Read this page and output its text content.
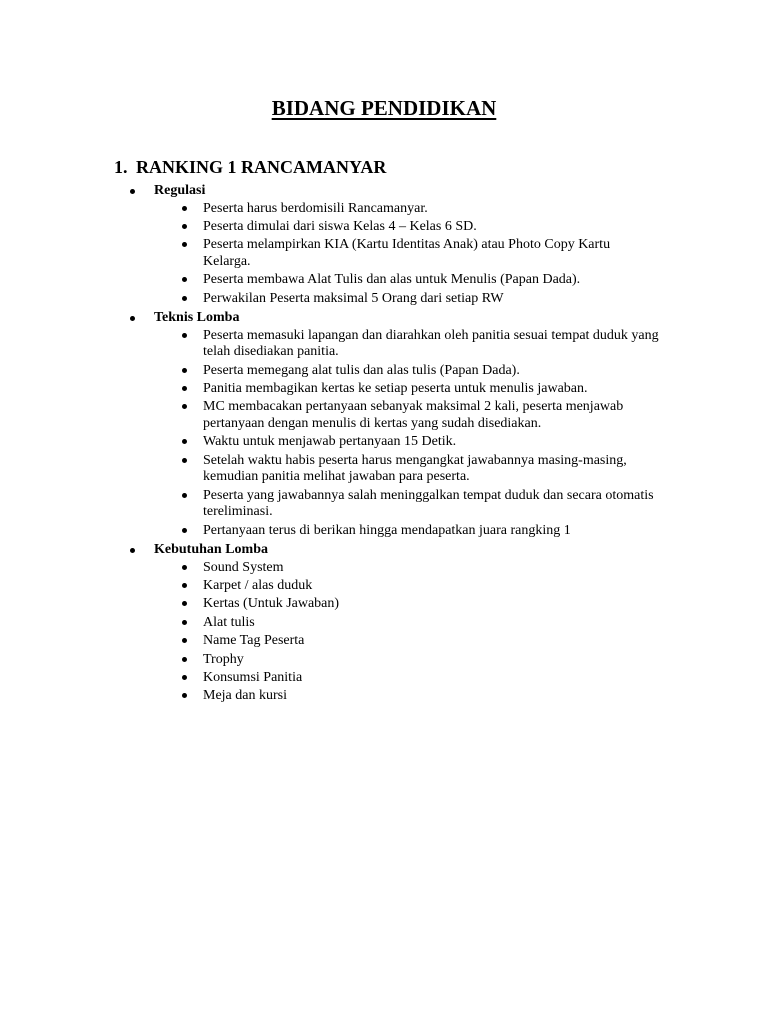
BIDANG PENDIDIKAN
1. RANKING 1 RANCAMANYAR
Regulasi
Peserta harus berdomisili Rancamanyar.
Peserta dimulai dari siswa Kelas 4 – Kelas 6 SD.
Peserta melampirkan KIA (Kartu Identitas Anak) atau Photo Copy Kartu Kelarga.
Peserta membawa Alat Tulis dan alas untuk Menulis (Papan Dada).
Perwakilan Peserta maksimal 5 Orang dari setiap RW
Teknis Lomba
Peserta memasuki lapangan dan diarahkan oleh panitia sesuai tempat duduk yang telah disediakan panitia.
Peserta memegang alat tulis dan alas tulis (Papan Dada).
Panitia membagikan kertas ke setiap peserta untuk menulis jawaban.
MC membacakan pertanyaan sebanyak maksimal 2 kali, peserta menjawab pertanyaan dengan menulis di kertas yang sudah disediakan.
Waktu untuk menjawab pertanyaan 15 Detik.
Setelah waktu habis peserta harus mengangkat jawabannya masing-masing, kemudian panitia melihat jawaban para peserta.
Peserta yang jawabannya salah meninggalkan tempat duduk dan secara otomatis tereliminasi.
Pertanyaan terus di berikan hingga mendapatkan juara rangking 1
Kebutuhan Lomba
Sound System
Karpet / alas duduk
Kertas (Untuk Jawaban)
Alat tulis
Name Tag Peserta
Trophy
Konsumsi Panitia
Meja dan kursi
